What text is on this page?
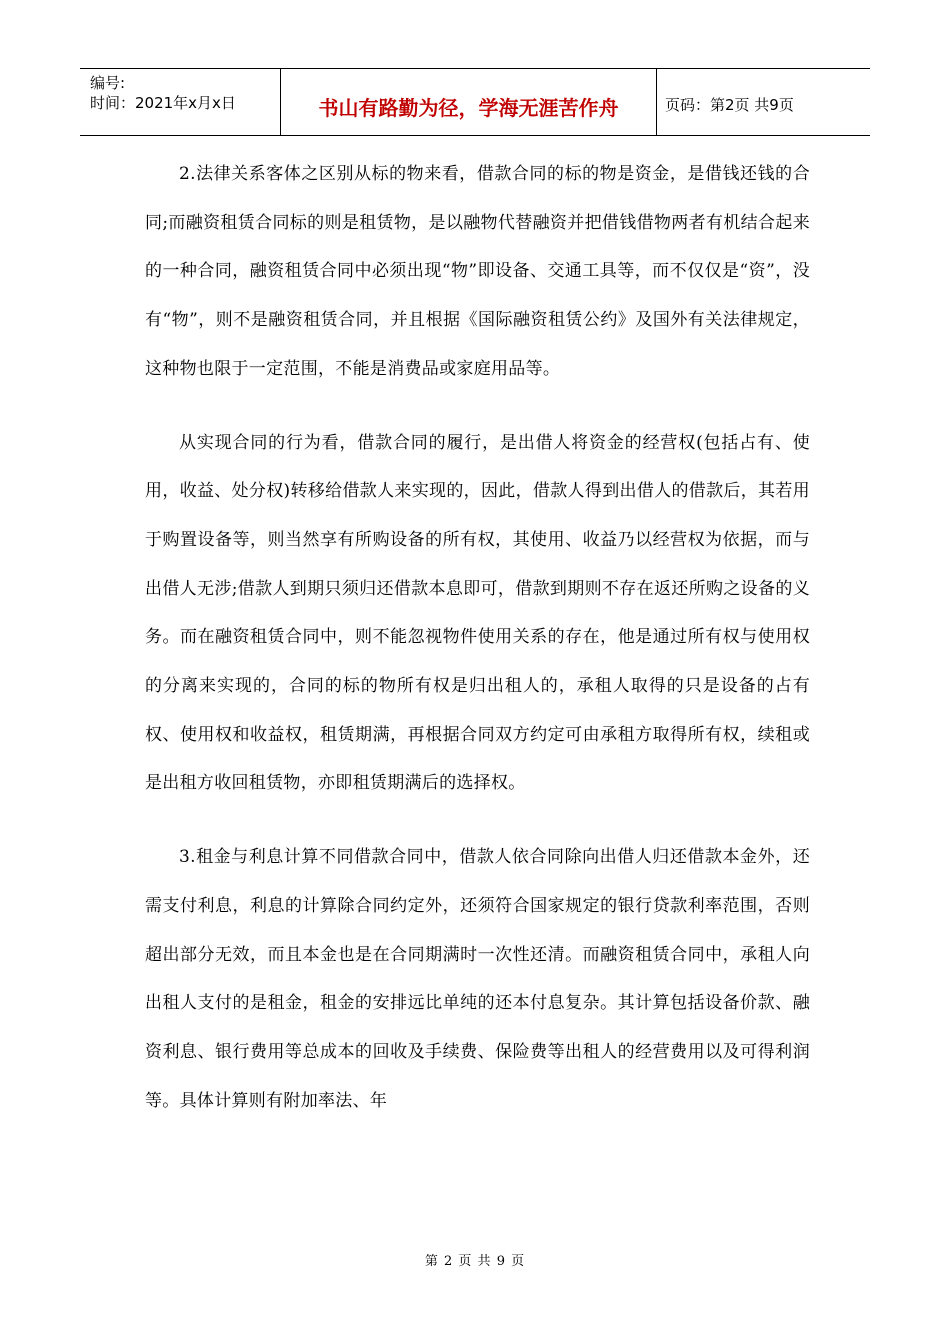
编号:
时间：2021年x月x日	书山有路勤为径，学海无涯苦作舟	页码：第2页 共9页

2.法律关系客体之区别从标的物来看，借款合同的标的物是资金，是借钱还钱的合同;而融资租赁合同标的则是租赁物，是以融物代替融资并把借钱借物两者有机结合起来的一种合同，融资租赁合同中必须出现“物”即设备、交通工具等，而不仅仅是“资”，没有“物”，则不是融资租赁合同，并且根据《国际融资租赁公约》及国外有关法律规定，这种物也限于一定范围，不能是消费品或家庭用品等。

从实现合同的行为看，借款合同的履行，是出借人将资金的经营权(包括占有、使用，收益、处分权)转移给借款人来实现的，因此，借款人得到出借人的借款后，其若用于购置设备等，则当然享有所购设备的所有权，其使用、收益乃以经营权为依据，而与出借人无涉;借款人到期只须归还借款本息即可，借款到期则不存在返还所购之设备的义务。而在融资租赁合同中，则不能忽视物件使用关系的存在，他是通过所有权与使用权的分离来实现的，合同的标的物所有权是归出租人的，承租人取得的只是设备的占有权、使用权和收益权，租赁期满，再根据合同双方约定可由承租方取得所有权，续租或是出租方收回租赁物，亦即租赁期满后的选择权。

3.租金与利息计算不同借款合同中，借款人依合同除向出借人归还借款本金外，还需支付利息，利息的计算除合同约定外，还须符合国家规定的银行贷款利率范围，否则超出部分无效，而且本金也是在合同期满时一次性还清。而融资租赁合同中，承租人向出租人支付的是租金，租金的安排远比单纯的还本付息复杂。其计算包括设备价款、融资利息、银行费用等总成本的回收及手续费、保险费等出租人的经营费用以及可得利润等。具体计算则有附加率法、年

第 2 页 共 9 页
